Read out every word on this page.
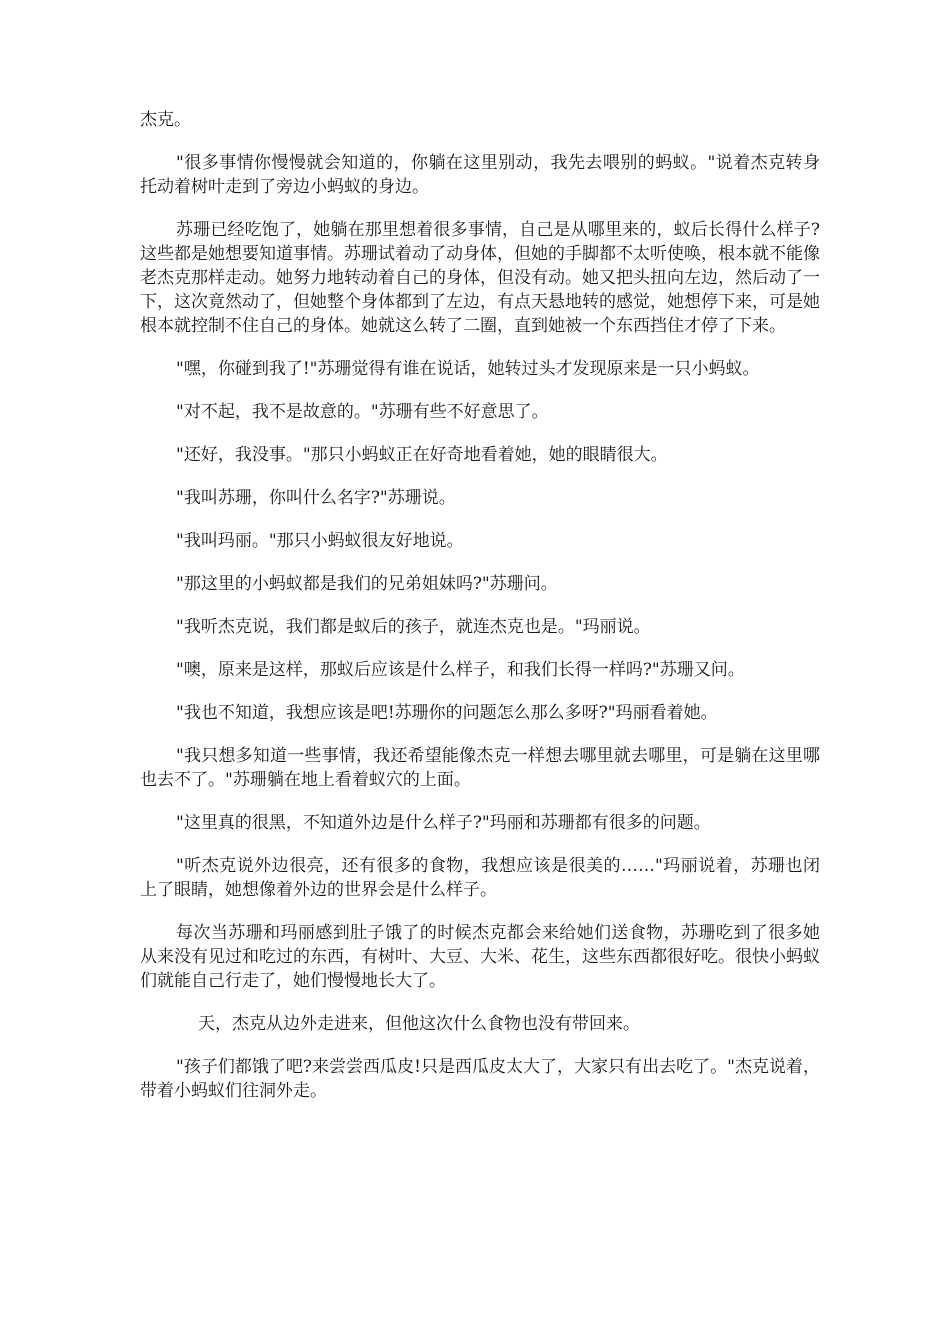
杰克。

"很多事情你慢慢就会知道的，你躺在这里别动，我先去喂别的蚂蚁。"说着杰克转身托动着树叶走到了旁边小蚂蚁的身边。

苏珊已经吃饱了，她躺在那里想着很多事情，自己是从哪里来的，蚁后长得什么样子?这些都是她想要知道事情。苏珊试着动了动身体，但她的手脚都不太听使唤，根本就不能像老杰克那样走动。她努力地转动着自己的身体，但没有动。她又把头扭向左边，然后动了一下，这次竟然动了，但她整个身体都到了左边，有点天悬地转的感觉，她想停下来，可是她根本就控制不住自己的身体。她就这么转了二圈，直到她被一个东西挡住才停了下来。

"嘿，你碰到我了!"苏珊觉得有谁在说话，她转过头才发现原来是一只小蚂蚁。

"对不起，我不是故意的。"苏珊有些不好意思了。

"还好，我没事。"那只小蚂蚁正在好奇地看着她，她的眼睛很大。

"我叫苏珊，你叫什么名字?"苏珊说。

"我叫玛丽。"那只小蚂蚁很友好地说。

"那这里的小蚂蚁都是我们的兄弟姐妹吗?"苏珊问。

"我听杰克说，我们都是蚁后的孩子，就连杰克也是。"玛丽说。

"噢，原来是这样，那蚁后应该是什么样子，和我们长得一样吗?"苏珊又问。

"我也不知道，我想应该是吧!苏珊你的问题怎么那么多呀?"玛丽看着她。

"我只想多知道一些事情，我还希望能像杰克一样想去哪里就去哪里，可是躺在这里哪也去不了。"苏珊躺在地上看着蚁穴的上面。

"这里真的很黑，不知道外边是什么样子?"玛丽和苏珊都有很多的问题。

"听杰克说外边很亮，还有很多的食物，我想应该是很美的……"玛丽说着，苏珊也闭上了眼睛，她想像着外边的世界会是什么样子。

每次当苏珊和玛丽感到肚子饿了的时候杰克都会来给她们送食物，苏珊吃到了很多她从来没有见过和吃过的东西，有树叶、大豆、大米、花生，这些东西都很好吃。很快小蚂蚁们就能自己行走了，她们慢慢地长大了。

天，杰克从边外走进来，但他这次什么食物也没有带回来。

"孩子们都饿了吧?来尝尝西瓜皮!只是西瓜皮太大了，大家只有出去吃了。"杰克说着，带着小蚂蚁们往洞外走。
